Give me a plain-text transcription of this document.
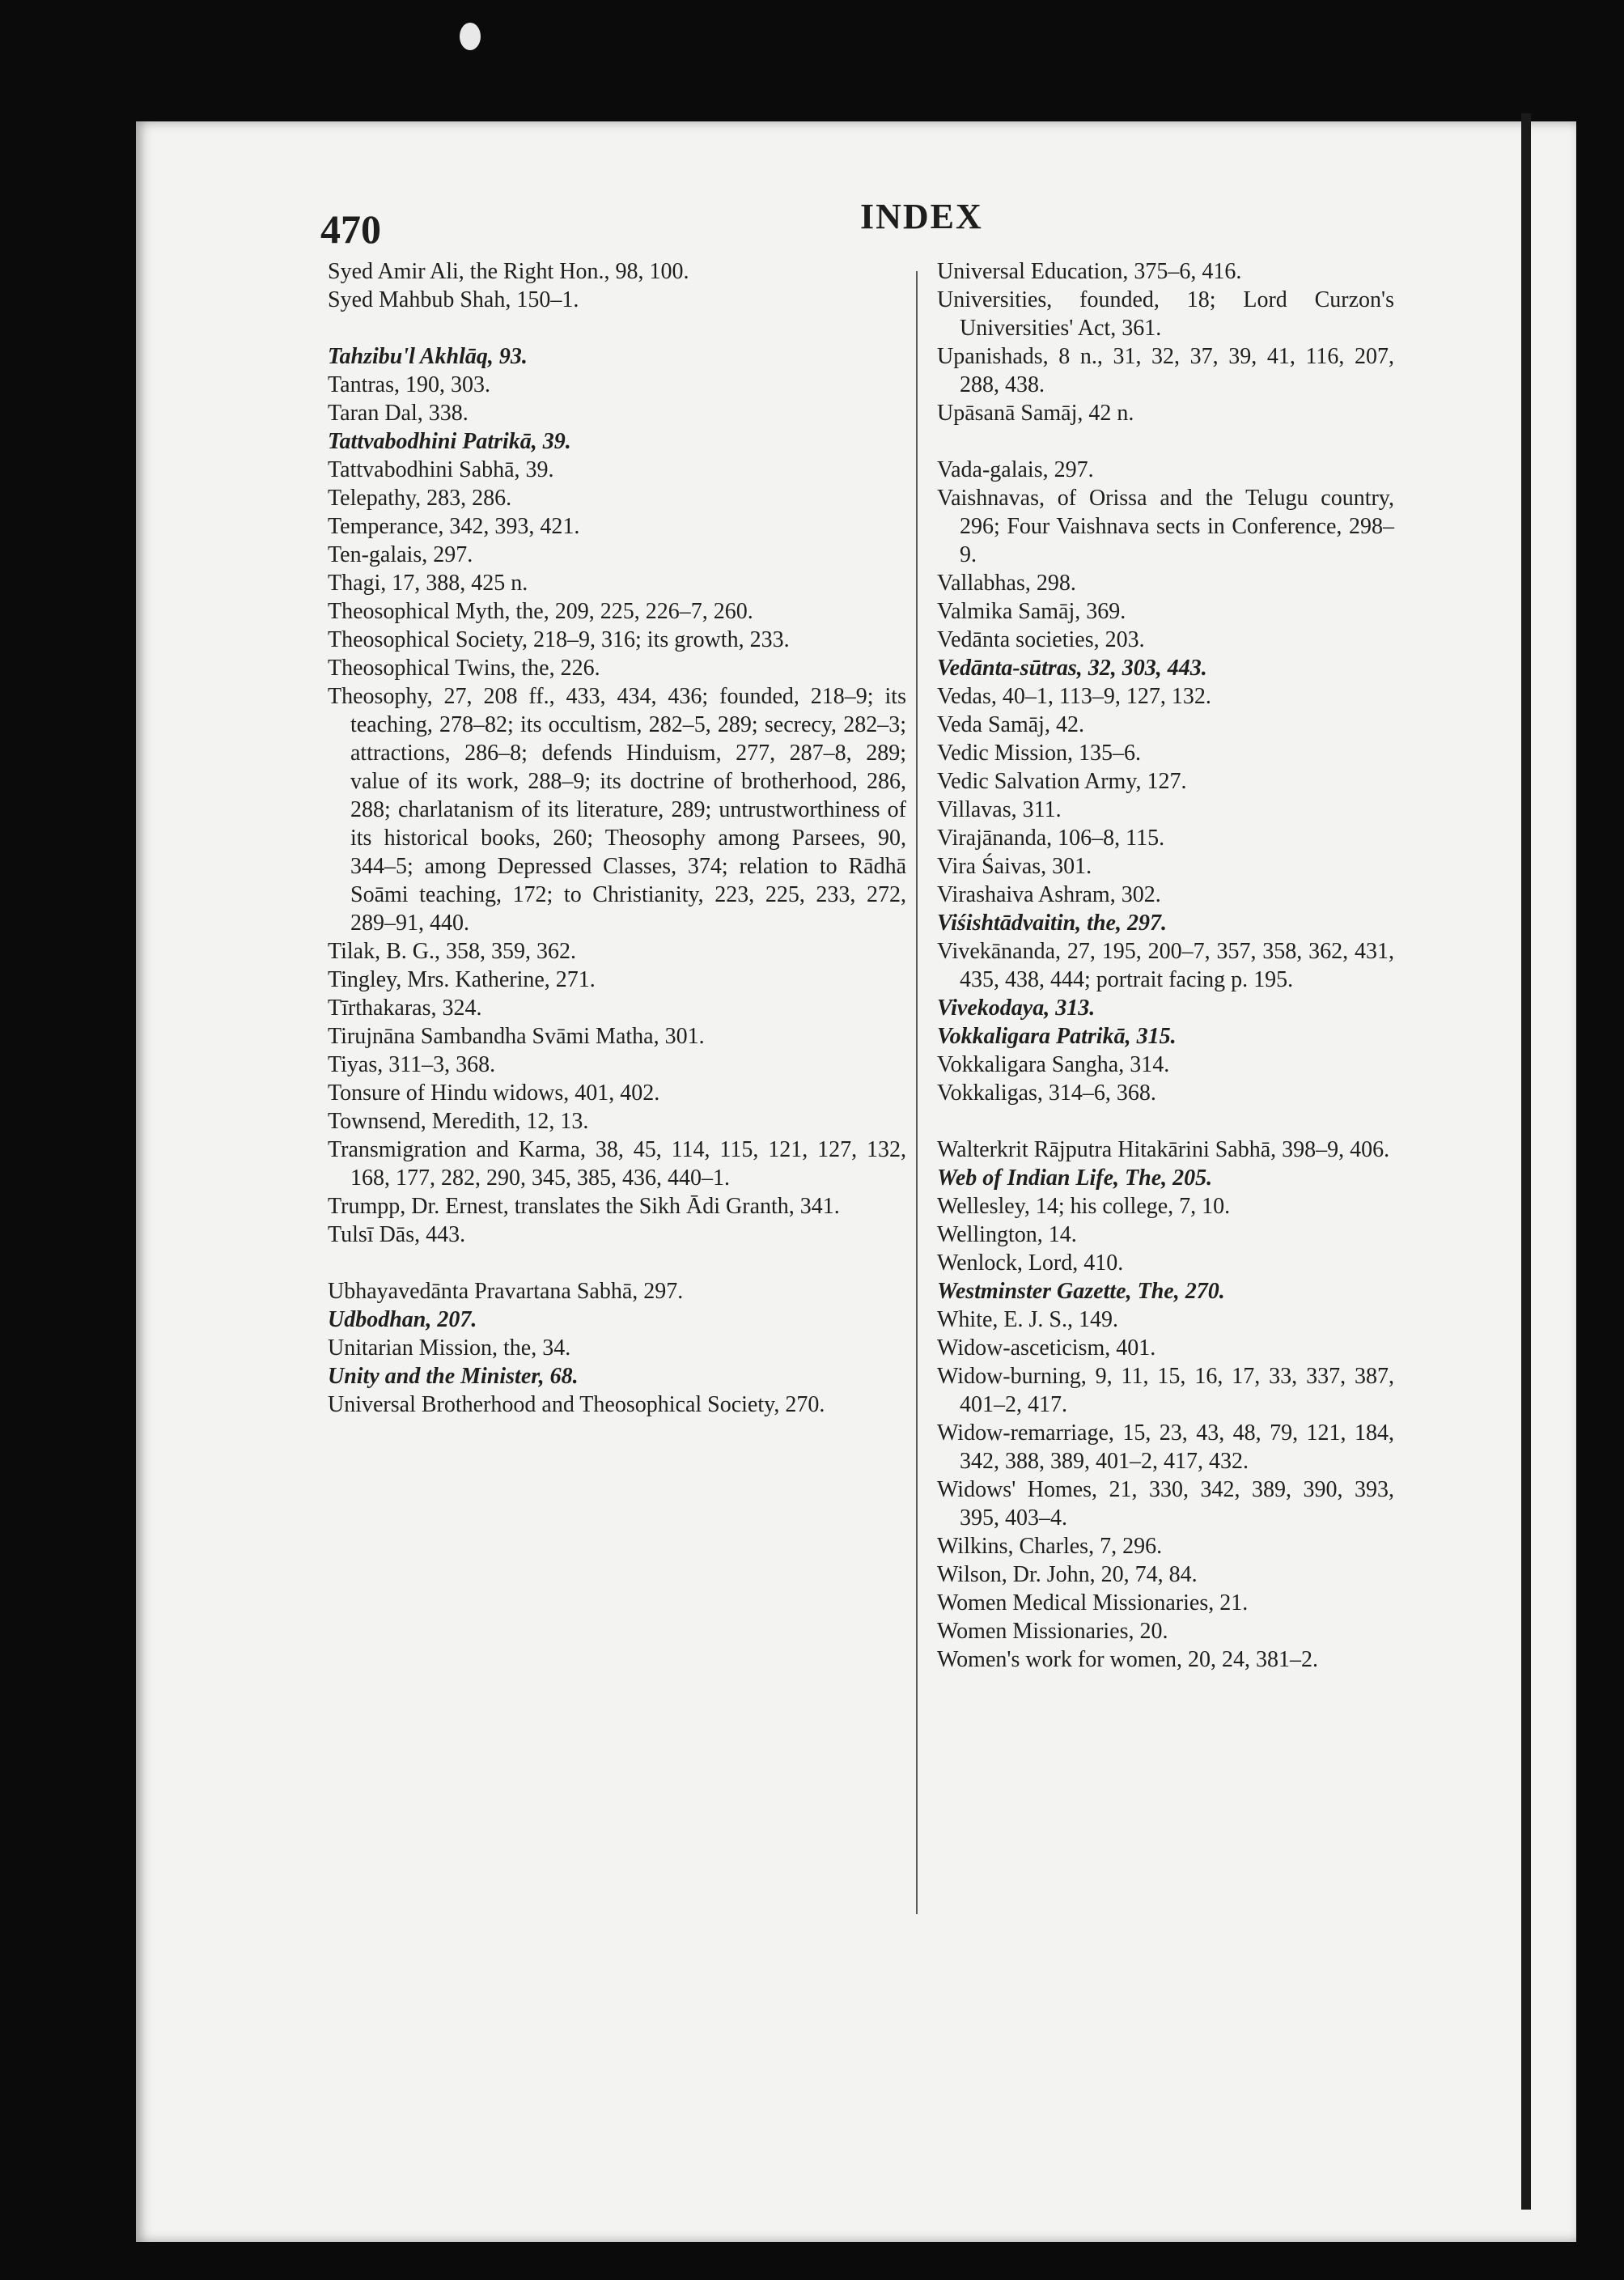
470	INDEX

Syed Amir Ali, the Right Hon., 98, 100.

Syed Mahbub Shah, 150–1.

Tahzibu'l Akhlāq, 93.

Tantras, 190, 303.

Taran Dal, 338.

Tattvabodhini Patrikā, 39.

Tattvabodhini Sabhā, 39.

Telepathy, 283, 286.

Temperance, 342, 393, 421.

Ten-galais, 297.

Thagi, 17, 388, 425 n.

Theosophical Myth, the, 209, 225, 226–7, 260.

Theosophical Society, 218–9, 316; its growth, 233.

Theosophical Twins, the, 226.

Theosophy, 27, 208 ff., 433, 434, 436; founded, 218–9; its teaching, 278–82; its occultism, 282–5, 289; secrecy, 282–3; attractions, 286–8; defends Hinduism, 277, 287–8, 289; value of its work, 288–9; its doctrine of brotherhood, 286, 288; charlatanism of its literature, 289; untrustworthiness of its historical books, 260; Theosophy among Parsees, 90, 344–5; among Depressed Classes, 374; relation to Rādhā Soāmi teaching, 172; to Christianity, 223, 225, 233, 272, 289–91, 440.

Tilak, B. G., 358, 359, 362.

Tingley, Mrs. Katherine, 271.

Tīrthakaras, 324.

Tirujnāna Sambandha Svāmi Matha, 301.

Tiyas, 311–3, 368.

Tonsure of Hindu widows, 401, 402.

Townsend, Meredith, 12, 13.

Transmigration and Karma, 38, 45, 114, 115, 121, 127, 132, 168, 177, 282, 290, 345, 385, 436, 440–1.

Trumpp, Dr. Ernest, translates the Sikh Ādi Granth, 341.

Tulsī Dās, 443.

Ubhayavedānta Pravartana Sabhā, 297.

Udbodhan, 207.

Unitarian Mission, the, 34.

Unity and the Minister, 68.

Universal Brotherhood and Theosophical Society, 270.

Universal Education, 375–6, 416.

Universities, founded, 18; Lord Curzon's Universities' Act, 361.

Upanishads, 8 n., 31, 32, 37, 39, 41, 116, 207, 288, 438.

Upāsanā Samāj, 42 n.

Vada-galais, 297.

Vaishnavas, of Orissa and the Telugu country, 296; Four Vaishnava sects in Conference, 298–9.

Vallabhas, 298.

Valmika Samāj, 369.

Vedānta societies, 203.

Vedānta-sūtras, 32, 303, 443.

Vedas, 40–1, 113–9, 127, 132.

Veda Samāj, 42.

Vedic Mission, 135–6.

Vedic Salvation Army, 127.

Villavas, 311.

Virajānanda, 106–8, 115.

Vira Śaivas, 301.

Virashaiva Ashram, 302.

Viśishtādvaitin, the, 297.

Vivekānanda, 27, 195, 200–7, 357, 358, 362, 431, 435, 438, 444; portrait facing p. 195.

Vivekodaya, 313.

Vokkaligara Patrikā, 315.

Vokkaligara Sangha, 314.

Vokkaligas, 314–6, 368.

Walterkrit Rājputra Hitakārini Sabhā, 398–9, 406.

Web of Indian Life, The, 205.

Wellesley, 14; his college, 7, 10.

Wellington, 14.

Wenlock, Lord, 410.

Westminster Gazette, The, 270.

White, E. J. S., 149.

Widow-asceticism, 401.

Widow-burning, 9, 11, 15, 16, 17, 33, 337, 387, 401–2, 417.

Widow-remarriage, 15, 23, 43, 48, 79, 121, 184, 342, 388, 389, 401–2, 417, 432.

Widows' Homes, 21, 330, 342, 389, 390, 393, 395, 403–4.

Wilkins, Charles, 7, 296.

Wilson, Dr. John, 20, 74, 84.

Women Medical Missionaries, 21.

Women Missionaries, 20.

Women's work for women, 20, 24, 381–2.
